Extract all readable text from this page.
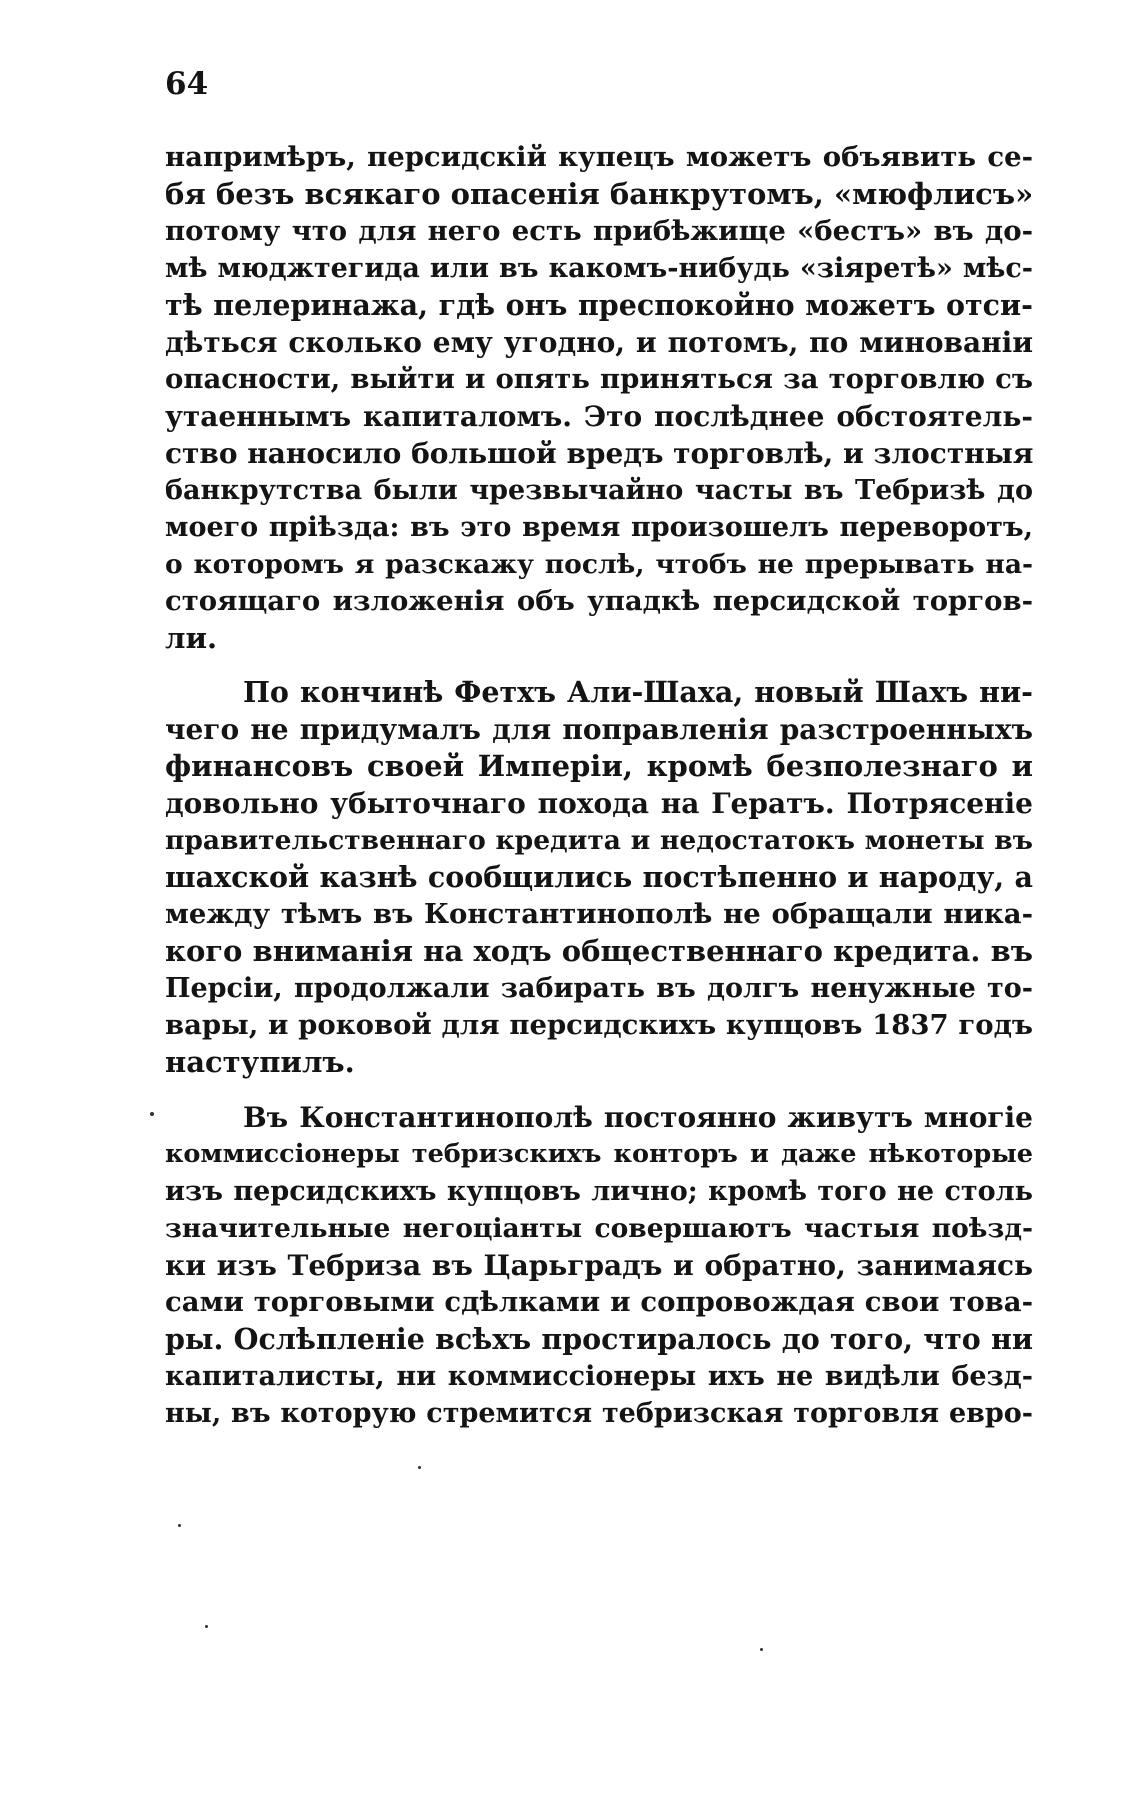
64
напримѣръ, персидскій купецъ можетъ объявить се-
бя безъ всякаго опасенія банкрутомъ, «мюфлисъ»
потому что для него есть прибѣжище «бестъ» въ до-
мѣ мюджтегида или въ какомъ-нибудь «зіяретѣ» мѣс-
тѣ пелеринажа, гдѣ онъ преспокойно можетъ отси-
дѣться сколько ему угодно, и потомъ, по миновaніи
опасности, выйти и опять приняться за торговлю съ
утаеннымъ капиталомъ. Это послѣднее обстоятель-
ство наносило большой вредъ торговлѣ, и злостныя
банкрутства были чрезвычайно часты въ Тебризѣ до
моего пріѣзда: въ это время произошелъ переворотъ,
о которомъ я разскажу послѣ, чтобъ не прерывать на-
стоящаго изложенія объ упадкѣ персидской торгов-
ли.
По кончинѣ Фетхъ Али-Шаха, новый Шахъ ни-
чего не придумалъ для поправленія разстроенныхъ
финансовъ своей Имперіи, кромѣ безполезнаго и
довольно убыточнаго похода на Гератъ. Потрясеніе
правительственнаго кредита и недостатокъ монеты въ
шахской казнѣ сообщились постѣпенно и народу, а
между тѣмъ въ Константинополѣ не обращали никa-
кого вниманія на ходъ общественнаго кредита. въ
Персіи, продолжали забирать въ долгъ ненужные то-
вары, и роковой для персидскихъ купцовъ 1837 годъ
наступилъ.
Въ Константинополѣ постоянно живутъ многіе
коммиссіонеры тебризскихъ конторъ и даже нѣкоторые
изъ персидскихъ купцовъ лично; кромѣ того не столь
значительные негоціанты совершаютъ частыя поѣзд-
ки изъ Тебриза въ Царьградъ и обратно, занимаясь
сами торговыми сдѣлками и сопровождая свои това-
ры. Ослѣпленіе всѣхъ простиралось до того, что ни
капиталисты, ни коммиссіонеры ихъ не видѣли безд-
ны, въ которую стремится тебризская торговля евро-
